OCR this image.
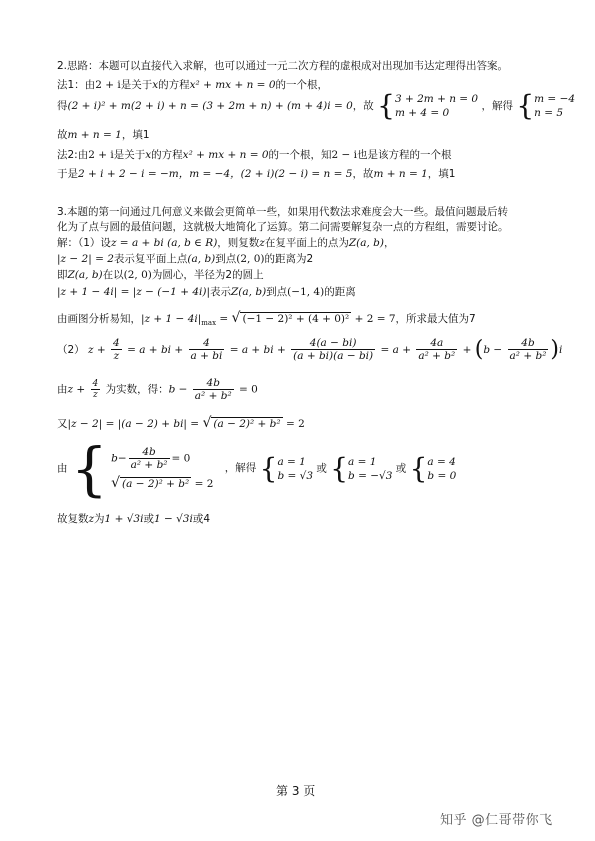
2.思路：本题可以直接代入求解，也可以通过一元二次方程的虚根成对出现加韦达定理得出答案。
法1：由2 + i是关于x的方程x² + mx + n = 0的一个根，
得(2 + i)² + m(2 + i) + n = (3 + 2m + n) + (m + 4)i = 0，故 { 3 + 2m + n = 0
m + 4 = 0
，解得 { m = −4
n = 5
故m + n = 1，填1
法2:由2 + i是关于x的方程x² + mx + n = 0的一个根，知2 − i也是该方程的一个根
于是2 + i + 2 − i = −m，m = −4，(2 + i)(2 − i) = n = 5，故m + n = 1，填1
3.本题的第一问通过几何意义来做会更简单一些，如果用代数法求难度会大一些。最值问题最后转
化为了点与圆的最值问题，这就极大地简化了运算。第二问需要解复杂一点的方程组，需要讨论。
解：（1）设z = a + bi (a, b ∈ R)，则复数z在复平面上的点为Z(a, b)，
|z − 2| = 2表示复平面上点(a, b)到点(2, 0)的距离为2
即Z(a, b)在以(2, 0)为圆心，半径为2的圆上
|z + 1 − 4i| = |z − (−1 + 4i)|表示Z(a, b)到点(−1, 4)的距离
由画图分析易知，$|z + 1 - 4i|_{max}$ = √ (−1 − 2)² + (4 + 0)² + 2 = 7，所求最大值为7
（2） $z + \frac{4}{z} = a$ + bi + $\frac{4}{a + bi} = a$ + bi + $\frac{4(a - bi)}{(a + bi)(a - bi)} = a + \frac{4a}{\text{a² + b²}} + (b - \frac{4b}{\text{a² + b²}} )i$
由$z + \frac{4}{z}$ 为实数，得：$b - \frac{4b}{\text{a² + b²}} = 0$
又|z − 2| = |(a − 2) + bi| = √ (a − 2)² + b² = 2
由 { $b- \frac{4b}{\text{a² + b²}} = 0$
√ (a − 2)² + b² = 2
，解得 { a = 1
b = √3
或 { a = 1
b = −√3
或 { a = 4
b = 0
故复数z为1 + √3i或1 − √3i或4
第 3 页
知乎 @仁哥带你飞
